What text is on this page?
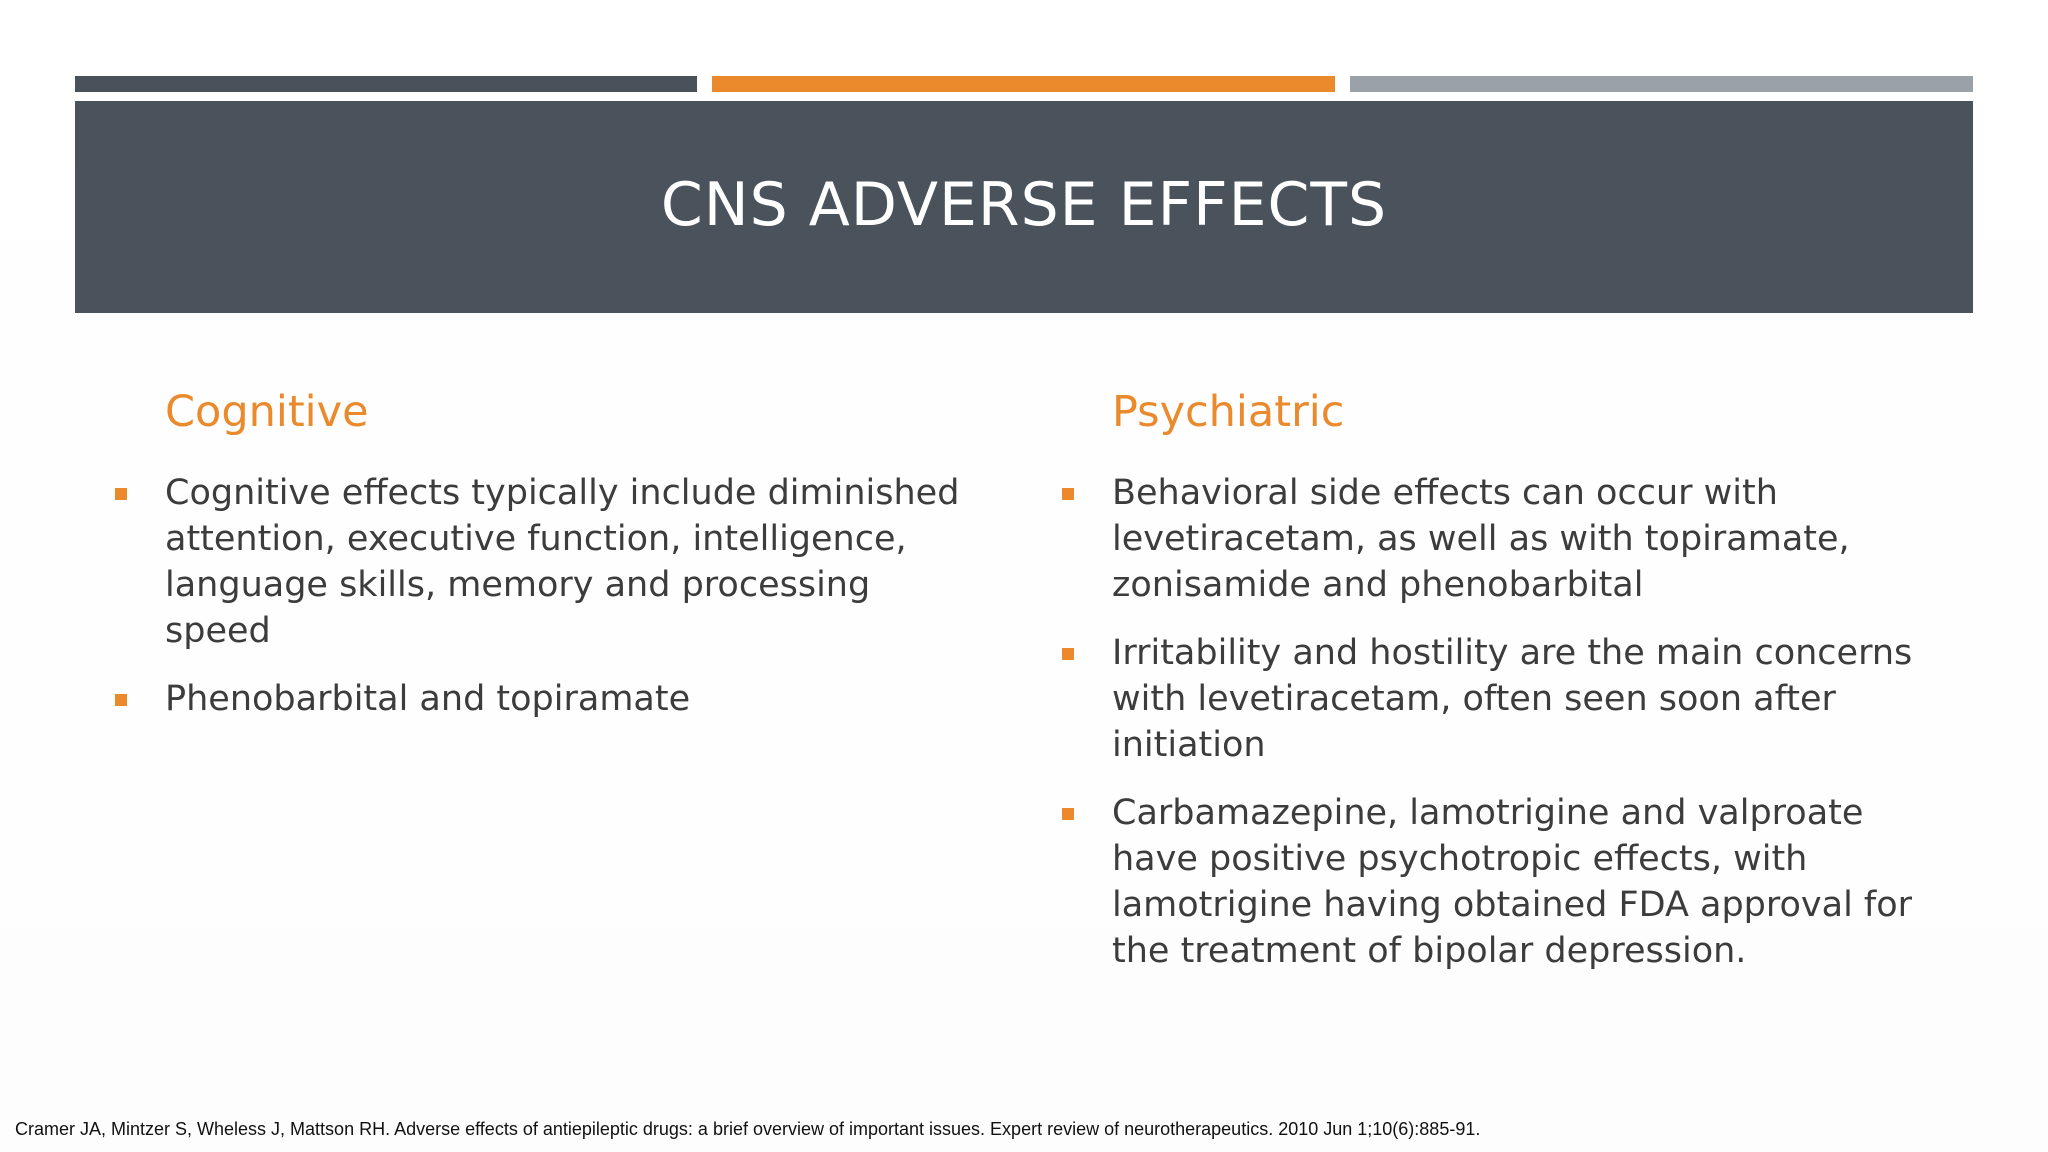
CNS ADVERSE EFFECTS
Cognitive
Cognitive effects typically include diminished attention, executive function, intelligence, language skills, memory and processing speed
Phenobarbital and topiramate
Psychiatric
Behavioral side effects can occur with levetiracetam, as well as with topiramate, zonisamide and phenobarbital
Irritability and hostility are the main concerns with levetiracetam, often seen soon after initiation
Carbamazepine, lamotrigine and valproate have positive psychotropic effects, with lamotrigine having obtained FDA approval for the treatment of bipolar depression.
Cramer JA, Mintzer S, Wheless J, Mattson RH. Adverse effects of antiepileptic drugs: a brief overview of important issues. Expert review of neurotherapeutics. 2010 Jun 1;10(6):885-91.
